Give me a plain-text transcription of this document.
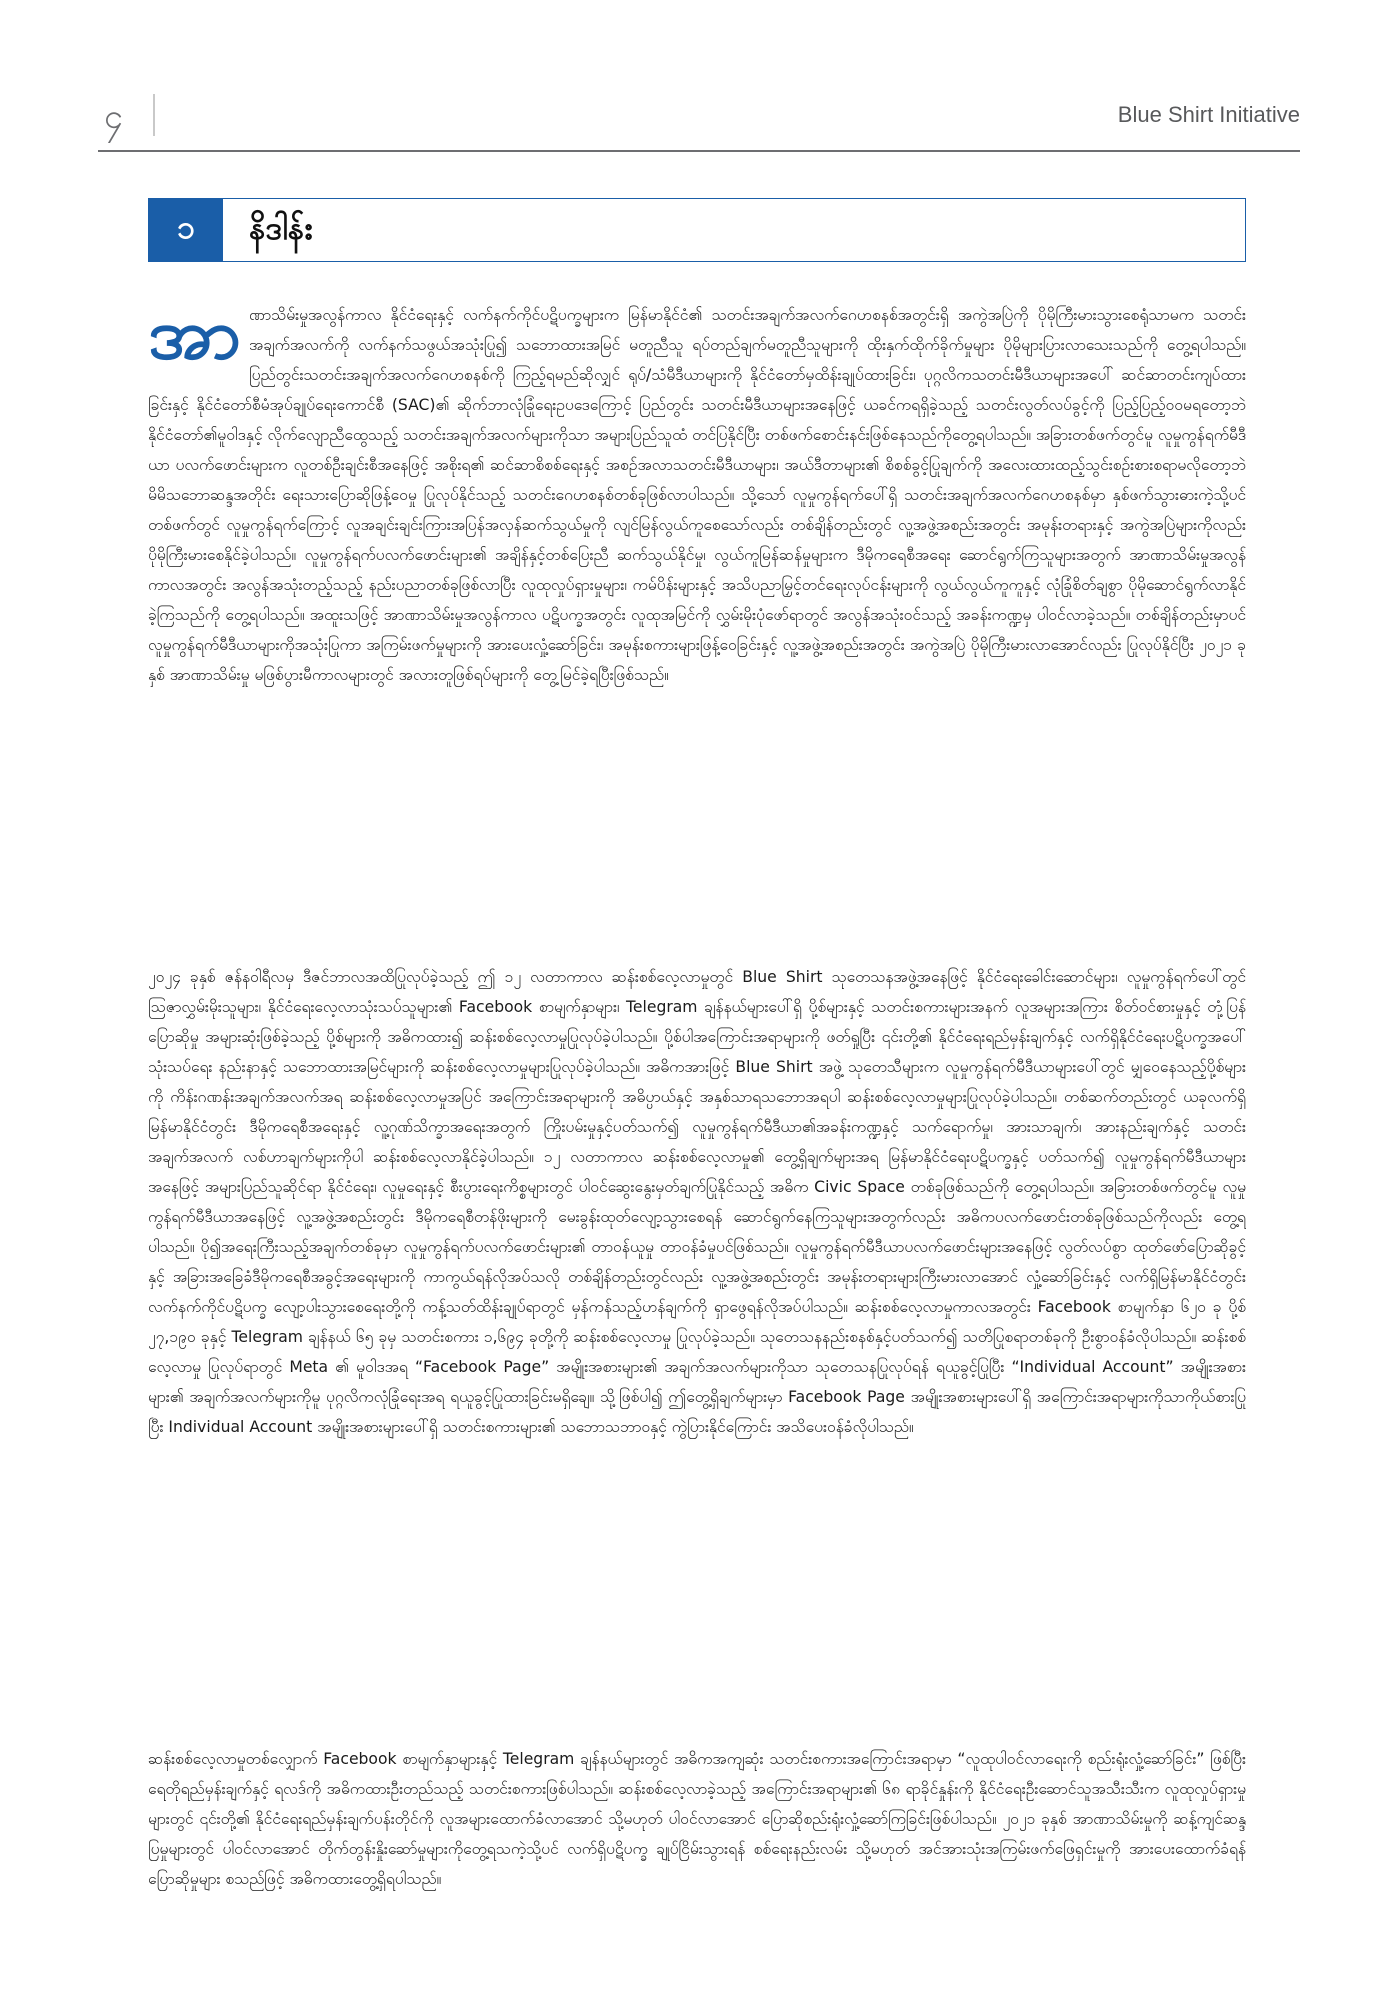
၄	Blue Shirt Initiative
၁	နိဒါန်း

အာဏာသိမ်းမှုအလွန်ကာလ နိုင်ငံရေးနှင့် လက်နက်ကိုင်ပဋိပက္ခများက မြန်မာနိုင်ငံ၏ သတင်းအချက်အလက်ဂေဟစနစ်အတွင်းရှိ အကွဲအပြဲကို ပိုမိုကြီးမားသွားစေရုံသာမက သတင်းအချက်အလက်ကို လက်နက်သဖွယ်အသုံးပြု၍ သဘောထားအမြင် မတူညီသူ ရပ်တည်ချက်မတူညီသူများကို ထိုးနှက်ထိုက်ခိုက်မှုများ ပိုမိုများပြားလာသေးသည်ကို တွေ့ရပါသည်။ ပြည်တွင်းသတင်းအချက်အလက်ဂေဟစနစ်ကို ကြည့်ရမည်ဆိုလျှင် ရုပ်/သံမီဒီယာများကို နိုင်ငံတော်မှထိန်းချုပ်ထားခြင်း၊ ပုဂ္ဂလိကသတင်းမီဒီယာများအပေါ် ဆင်ဆာတင်းကျပ်ထားခြင်းနှင့် နိုင်ငံတော်စီမံအုပ်ချုပ်ရေးကောင်စီ (SAC)၏ ဆိုက်ဘာလုံခြုံရေးဥပဒေကြောင့် ပြည်တွင်း သတင်းမီဒီယာများအနေဖြင့် ယခင်ကရရှိခဲ့သည့် သတင်းလွတ်လပ်ခွင့်ကို ပြည့်ပြည့်ဝဝမရတော့ဘဲ နိုင်ငံတော်၏မူဝါဒနှင့် လိုက်လျောညီထွေသည့် သတင်းအချက်အလက်များကိုသာ အများပြည်သူထံ တင်ပြနိုင်ပြီး တစ်ဖက်စောင်းနင်းဖြစ်နေသည်ကိုတွေ့ရပါသည်။ အခြားတစ်ဖက်တွင်မူ လူမှုကွန်ရက်မီဒီယာ ပလက်ဖောင်းများက လူတစ်ဦးချင်းစီအနေဖြင့် အစိုးရ၏ ဆင်ဆာစိစစ်ရေးနှင့် အစဉ်အလာသတင်းမီဒီယာများ၊ အယ်ဒီတာများ၏ စိစစ်ခွင့်ပြုချက်ကို အလေးထားထည့်သွင်းစဉ်းစားစရာမလိုတော့ဘဲ မိမိသဘောဆန္ဒအတိုင်း ရေးသားပြောဆိုဖြန့်ဝေမှု ပြုလုပ်နိုင်သည့် သတင်းဂေဟစနစ်တစ်ခုဖြစ်လာပါသည်။ သို့သော် လူမှုကွန်ရက်ပေါ်ရှိ သတင်းအချက်အလက်ဂေဟစနစ်မှာ နှစ်ဖက်သွားဓားကဲ့သို့ပင် တစ်ဖက်တွင် လူမှုကွန်ရက်ကြောင့် လူအချင်းချင်းကြားအပြန်အလှန်ဆက်သွယ်မှုကို လျင်မြန်လွယ်ကူစေသော်လည်း တစ်ချိန်တည်းတွင် လူ့အဖွဲ့အစည်းအတွင်း အမုန်းတရားနှင့် အကွဲအပြဲများကိုလည်း ပိုမိုကြီးမားစေနိုင်ခဲ့ပါသည်။ လူမှုကွန်ရက်ပလက်ဖောင်းများ၏ အချိန်နှင့်တစ်ပြေးညီ ဆက်သွယ်နိုင်မှု၊ လွယ်ကူမြန်ဆန်မှုများက ဒီမိုကရေစီအရေး ဆောင်ရွက်ကြသူများအတွက် အာဏာသိမ်းမှုအလွန်ကာလအတွင်း အလွန်အသုံးတည့်သည့် နည်းပညာတစ်ခုဖြစ်လာပြီး လူထုလှုပ်ရှားမှုများ၊ ကမ်ပိန်းများနှင့် အသိပညာမြှင့်တင်ရေးလုပ်ငန်းများကို လွယ်လွယ်ကူကူနှင့် လုံခြုံစိတ်ချစွာ ပိုမိုဆောင်ရွက်လာနိုင်ခဲ့ကြသည်ကို တွေ့ရပါသည်။ အထူးသဖြင့် အာဏာသိမ်းမှုအလွန်ကာလ ပဋိပက္ခအတွင်း လူထုအမြင်ကို လွှမ်းမိုးပုံဖော်ရာတွင် အလွန်အသုံးဝင်သည့် အခန်းကဏ္ဍမှ ပါဝင်လာခဲ့သည်။ တစ်ချိန်တည်းမှာပင် လူမှုကွန်ရက်မီဒီယာများကိုအသုံးပြုကာ အကြမ်းဖက်မှုများကို အားပေးလှုံ့ဆော်ခြင်း၊ အမုန်းစကားများဖြန့်ဝေခြင်းနှင့် လူ့အဖွဲ့အစည်းအတွင်း အကွဲအပြဲ ပိုမိုကြီးမားလာအောင်လည်း ပြုလုပ်နိုင်ပြီး ၂၀၂၁ ခုနှစ် အာဏာသိမ်းမှု မဖြစ်ပွားမီကာလများတွင် အလားတူဖြစ်ရပ်များကို တွေ့မြင်ခဲ့ရပြီးဖြစ်သည်။

၂၀၂၄ ခုနှစ် ဇန်နဝါရီလမှ ဒီဇင်ဘာလအထိပြုလုပ်ခဲ့သည့် ဤ ၁၂ လတာကာလ ဆန်းစစ်လေ့လာမှုတွင် Blue Shirt သုတေသနအဖွဲ့အနေဖြင့် နိုင်ငံရေးခေါင်းဆောင်များ၊ လူမှုကွန်ရက်ပေါ်တွင် ဩဇာလွှမ်းမိုးသူများ၊ နိုင်ငံရေးလေ့လာသုံးသပ်သူများ၏ Facebook စာမျက်နှာများ၊ Telegram ချန်နယ်များပေါ်ရှိ ပို့စ်များနှင့် သတင်းစကားများအနက် လူအများအကြား စိတ်ဝင်စားမှုနှင့် တုံ့ပြန်ပြောဆိုမှု အများဆုံးဖြစ်ခဲ့သည့် ပို့စ်များကို အဓိကထား၍ ဆန်းစစ်လေ့လာမှုပြုလုပ်ခဲ့ပါသည်။ ပို့စ်ပါအကြောင်းအရာများကို ဖတ်ရှုပြီး ၎င်းတို့၏ နိုင်ငံရေးရည်မှန်းချက်နှင့် လက်ရှိနိုင်ငံရေးပဋိပက္ခအပေါ်သုံးသပ်ရေး နည်းနာနှင့် သဘောထားအမြင်များကို ဆန်းစစ်လေ့လာမှုများပြုလုပ်ခဲ့ပါသည်။ အဓိကအားဖြင့် Blue Shirt အဖွဲ့ သုတေသီများက လူမှုကွန်ရက်မီဒီယာများပေါ်တွင် မျှဝေနေသည့်ပို့စ်များကို ကိန်းဂဏန်းအချက်အလက်အရ ဆန်းစစ်လေ့လာမှုအပြင် အကြောင်းအရာများကို အဓိပ္ပာယ်နှင့် အနှစ်သာရသဘောအရပါ ဆန်းစစ်လေ့လာမှုများပြုလုပ်ခဲ့ပါသည်။ တစ်ဆက်တည်းတွင် ယခုလက်ရှိ မြန်မာနိုင်ငံတွင်း ဒီမိုကရေစီအရေးနှင့် လူ့ဂုဏ်သိက္ခာအရေးအတွက် ကြိုးပမ်းမှုနှင့်ပတ်သက်၍ လူမှုကွန်ရက်မီဒီယာ၏အခန်းကဏ္ဍနှင့် သက်ရောက်မှု၊ အားသာချက်၊ အားနည်းချက်နှင့် သတင်းအချက်အလက် လစ်ဟာချက်များကိုပါ ဆန်းစစ်လေ့လာနိုင်ခဲ့ပါသည်။ ၁၂ လတာကာလ ဆန်းစစ်လေ့လာမှု၏ တွေ့ရှိချက်များအရ မြန်မာနိုင်ငံရေးပဋိပက္ခနှင့် ပတ်သက်၍ လူမှုကွန်ရက်မီဒီယာများအနေဖြင့် အများပြည်သူဆိုင်ရာ နိုင်ငံရေး၊ လူမှုရေးနှင့် စီးပွားရေးကိစ္စများတွင် ပါဝင်ဆွေးနွေးမှတ်ချက်ပြုနိုင်သည့် အဓိက Civic Space တစ်ခုဖြစ်သည်ကို တွေ့ရပါသည်။ အခြားတစ်ဖက်တွင်မူ လူမှုကွန်ရက်မီဒီယာအနေဖြင့် လူ့အဖွဲ့အစည်းတွင်း ဒီမိုကရေစီတန်ဖိုးများကို မေးခွန်းထုတ်လျော့သွားစေရန် ဆောင်ရွက်နေကြသူများအတွက်လည်း အဓိကပလက်ဖောင်းတစ်ခုဖြစ်သည်ကိုလည်း တွေ့ရပါသည်။ ပို၍အရေးကြီးသည့်အချက်တစ်ခုမှာ လူမှုကွန်ရက်ပလက်ဖောင်းများ၏ တာဝန်ယူမှု တာဝန်ခံမှုပင်ဖြစ်သည်။ လူမှုကွန်ရက်မီဒီယာပလက်ဖောင်းများအနေဖြင့် လွတ်လပ်စွာ ထုတ်ဖော်ပြောဆိုခွင့်နှင့် အခြားအခြေခံဒီမိုကရေစီအခွင့်အရေးများကို ကာကွယ်ရန်လိုအပ်သလို တစ်ချိန်တည်းတွင်လည်း လူ့အဖွဲ့အစည်းတွင်း အမုန်းတရားများကြီးမားလာအောင် လှုံ့ဆော်ခြင်းနှင့် လက်ရှိမြန်မာနိုင်ငံတွင်း လက်နက်ကိုင်ပဋိပက္ခ လျော့ပါးသွားစေရေးတို့ကို ကန့်သတ်ထိန်းချုပ်ရာတွင် မှန်ကန်သည့်ဟန်ချက်ကို ရှာဖွေရန်လိုအပ်ပါသည်။ ဆန်းစစ်လေ့လာမှုကာလအတွင်း Facebook စာမျက်နှာ ၆၂၀ ခု ပို့စ် ၂၇,၁၉၀ ခုနှင့် Telegram ချန်နယ် ၆၅ ခုမှ သတင်းစကား ၁,၆၉၄ ခုတို့ကို ဆန်းစစ်လေ့လာမှု ပြုလုပ်ခဲ့သည်။ သုတေသနနည်းစနစ်နှင့်ပတ်သက်၍ သတိပြုစရာတစ်ခုကို ဦးစွာဝန်ခံလိုပါသည်။ ဆန်းစစ်လေ့လာမှု ပြုလုပ်ရာတွင် Meta ၏ မူဝါဒအရ “Facebook Page” အမျိုးအစားများ၏ အချက်အလက်များကိုသာ သုတေသနပြုလုပ်ရန် ရယူခွင့်ပြုပြီး “Individual Account” အမျိုးအစားများ၏ အချက်အလက်များကိုမူ ပုဂ္ဂလိကလုံခြုံရေးအရ ရယူခွင့်ပြုထားခြင်းမရှိချေ။ သို့ဖြစ်ပါ၍ ဤတွေ့ရှိချက်များမှာ Facebook Page အမျိုးအစားများပေါ်ရှိ အကြောင်းအရာများကိုသာကိုယ်စားပြုပြီး Individual Account အမျိုးအစားများပေါ်ရှိ သတင်းစကားများ၏ သဘောသဘာဝနှင့် ကွဲပြားနိုင်ကြောင်း အသိပေးဝန်ခံလိုပါသည်။

ဆန်းစစ်လေ့လာမှုတစ်လျှောက် Facebook စာမျက်နှာများနှင့် Telegram ချန်နယ်များတွင် အဓိကအကျဆုံး သတင်းစကားအကြောင်းအရာမှာ “လူထုပါဝင်လာရေးကို စည်းရုံးလှုံ့ဆော်ခြင်း” ဖြစ်ပြီး ရေတိုရည်မှန်းချက်နှင့် ရလဒ်ကို အဓိကထားဦးတည်သည့် သတင်းစကားဖြစ်ပါသည်။ ဆန်းစစ်လေ့လာခဲ့သည့် အကြောင်းအရာများ၏ ၆၈ ရာခိုင်နှုန်းကို နိုင်ငံရေးဦးဆောင်သူအသီးသီးက လူထုလှုပ်ရှားမှုများတွင် ၎င်းတို့၏ နိုင်ငံရေးရည်မှန်းချက်ပန်းတိုင်ကို လူအများထောက်ခံလာအောင် သို့မဟုတ် ပါဝင်လာအောင် ပြောဆိုစည်းရုံးလှုံ့ဆော်ကြခြင်းဖြစ်ပါသည်။ ၂၀၂၁ ခုနှစ် အာဏာသိမ်းမှုကို ဆန့်ကျင်ဆန္ဒပြမှုများတွင် ပါဝင်လာအောင် တိုက်တွန်းနှိုးဆော်မှုများကိုတွေ့ရသကဲ့သို့ပင် လက်ရှိပဋိပက္ခ ချုပ်ငြိမ်းသွားရန် စစ်ရေးနည်းလမ်း သို့မဟုတ် အင်အားသုံးအကြမ်းဖက်ဖြေရှင်းမှုကို အားပေးထောက်ခံရန် ပြောဆိုမှုများ စသည်ဖြင့် အဓိကထားတွေ့ရှိရပါသည်။
